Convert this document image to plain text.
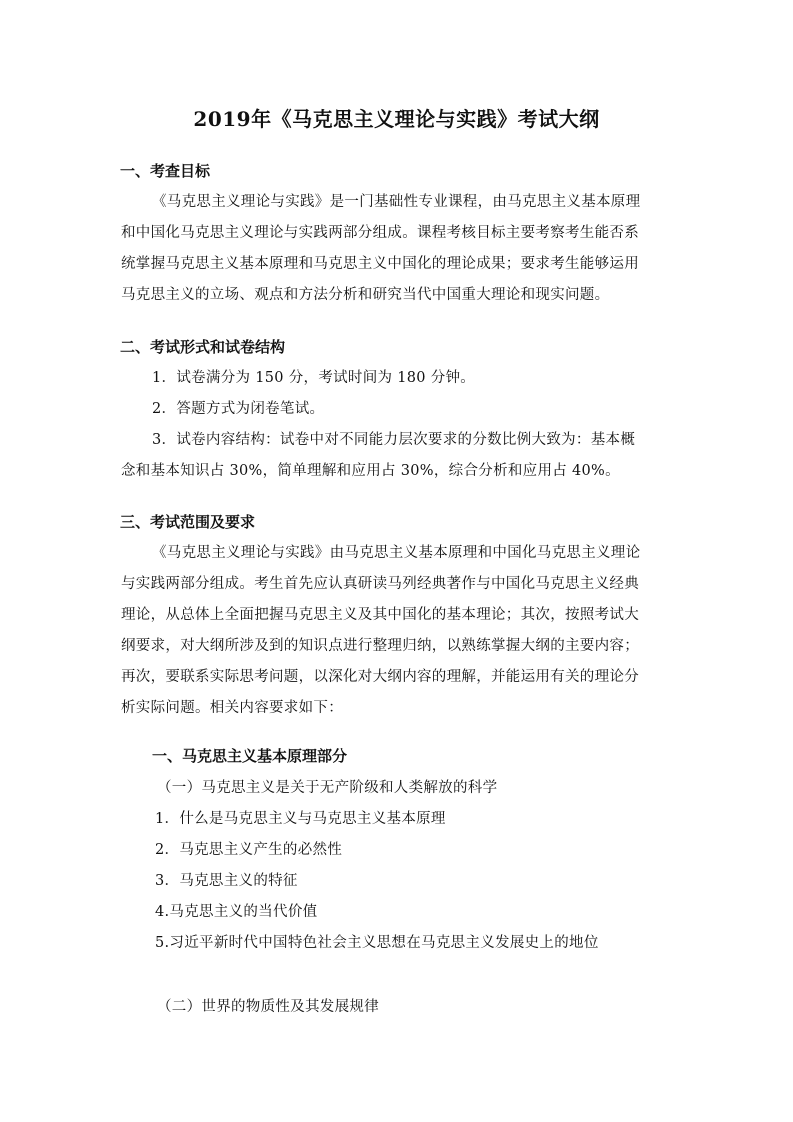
2019年《马克思主义理论与实践》考试大纲
一、考查目标
《马克思主义理论与实践》是一门基础性专业课程，由马克思主义基本原理
和中国化马克思主义理论与实践两部分组成。课程考核目标主要考察考生能否系
统掌握马克思主义基本原理和马克思主义中国化的理论成果；要求考生能够运用
马克思主义的立场、观点和方法分析和研究当代中国重大理论和现实问题。
二、考试形式和试卷结构
1．试卷满分为 150 分，考试时间为 180 分钟。
2．答题方式为闭卷笔试。
3．试卷内容结构：试卷中对不同能力层次要求的分数比例大致为：基本概
念和基本知识占 30%，简单理解和应用占 30%，综合分析和应用占 40%。
三、考试范围及要求
《马克思主义理论与实践》由马克思主义基本原理和中国化马克思主义理论
与实践两部分组成。考生首先应认真研读马列经典著作与中国化马克思主义经典
理论，从总体上全面把握马克思主义及其中国化的基本理论；其次，按照考试大
纲要求，对大纲所涉及到的知识点进行整理归纳，以熟练掌握大纲的主要内容；
再次，要联系实际思考问题，以深化对大纲内容的理解，并能运用有关的理论分
析实际问题。相关内容要求如下：
一、马克思主义基本原理部分
（一）马克思主义是关于无产阶级和人类解放的科学
1．什么是马克思主义与马克思主义基本原理
2．马克思主义产生的必然性
3．马克思主义的特征
4.马克思主义的当代价值
5.习近平新时代中国特色社会主义思想在马克思主义发展史上的地位
（二）世界的物质性及其发展规律
